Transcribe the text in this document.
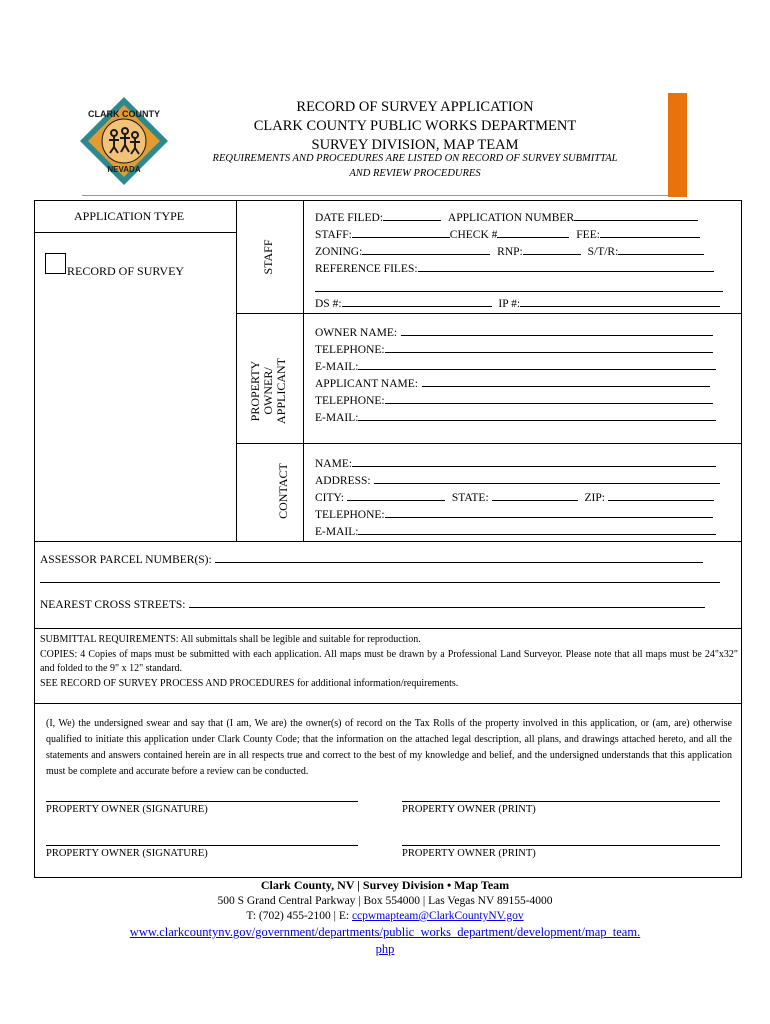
CLARK COUNTY
NEVADA
RECORD OF SURVEY APPLICATION
CLARK COUNTY PUBLIC WORKS DEPARTMENT
SURVEY DIVISION, MAP TEAM
REQUIREMENTS AND PROCEDURES ARE LISTED ON RECORD OF SURVEY SUBMITTAL
AND REVIEW PROCEDURES
APPLICATION TYPE
RECORD OF SURVEY	STAFF
PROPERTY OWNER/ APPLICANT
CONTACT
DATE FILED:	APPLICATION NUMBER
STAFF:	CHECK #	FEE:
ZONING:	RNP:	S/T/R:
REFERENCE FILES:
DS #:	IP #:
OWNER NAME:
TELEPHONE:
E-MAIL:
APPLICANT NAME:
TELEPHONE:
E-MAIL:
NAME:
ADDRESS:
CITY:	STATE:	ZIP:
TELEPHONE:
E-MAIL:
ASSESSOR PARCEL NUMBER(S):
NEAREST CROSS STREETS:
SUBMITTAL REQUIREMENTS: All submittals shall be legible and suitable for reproduction.
COPIES: 4 Copies of maps must be submitted with each application. All maps must be drawn by a Professional Land Surveyor. Please note that all maps must be 24"x32" and folded to the 9" x 12" standard.
SEE RECORD OF SURVEY PROCESS AND PROCEDURES for additional information/requirements.
(I, We) the undersigned swear and say that (I am, We are) the owner(s) of record on the Tax Rolls of the property involved in this application, or (am, are) otherwise qualified to initiate this application under Clark County Code; that the information on the attached legal description, all plans, and drawings attached hereto, and all the statements and answers contained herein are in all respects true and correct to the best of my knowledge and belief, and the undersigned understands that this application must be complete and accurate before a review can be conducted.
PROPERTY OWNER (SIGNATURE)	PROPERTY OWNER (PRINT)
PROPERTY OWNER (SIGNATURE)	PROPERTY OWNER (PRINT)
Clark County, NV | Survey Division • Map Team
500 S Grand Central Parkway | Box 554000 | Las Vegas NV 89155-4000
T: (702) 455-2100 | E: ccpwmapteam@ClarkCountyNV.gov
www.clarkcountynv.gov/government/departments/public_works_department/development/map_team.
php
